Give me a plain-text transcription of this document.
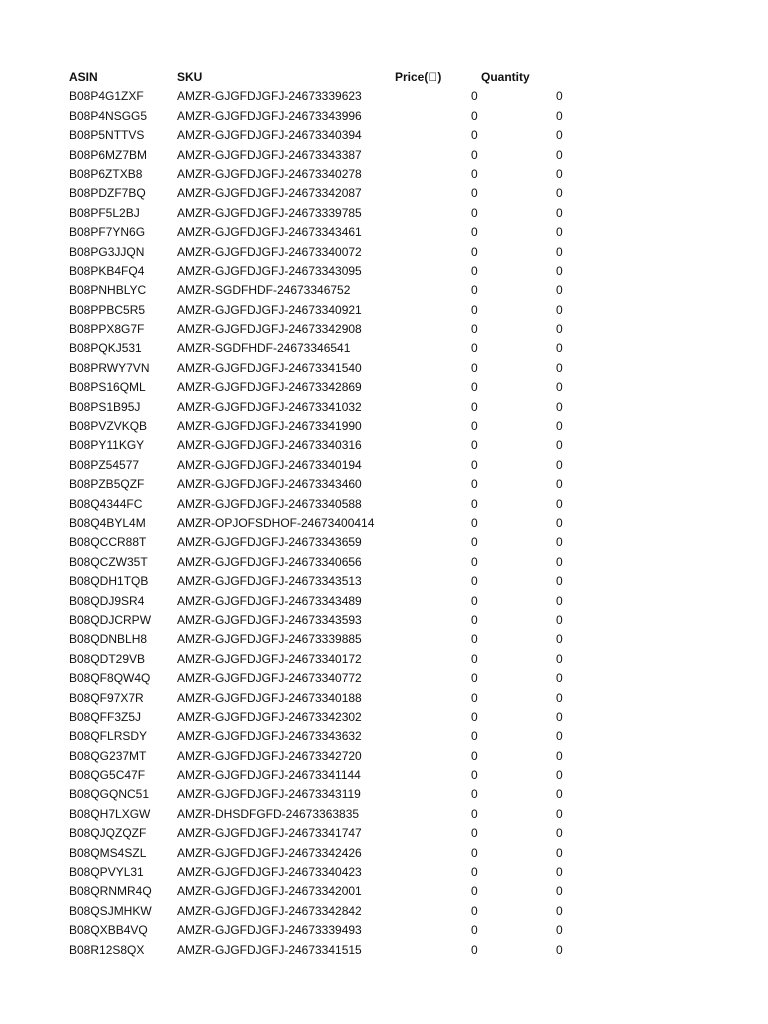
ASIN	SKU	Price( )	Quantity
B08P4G1ZXF	AMZR-GJGFDJGFJ-24673339623	0	0
B08P4NSGG5 AMZR-GJGFDJGFJ-24673343996	0	0
B08P5NTTVS	AMZR-GJGFDJGFJ-24673340394	0	0
B08P6MZ7BM AMZR-GJGFDJGFJ-24673343387	0	0
B08P6ZTXB8	AMZR-GJGFDJGFJ-24673340278	0	0
B08PDZF7BQ	AMZR-GJGFDJGFJ-24673342087	0	0
B08PF5L2BJ	AMZR-GJGFDJGFJ-24673339785	0	0
B08PF7YN6G	AMZR-GJGFDJGFJ-24673343461	0	0
B08PG3JJQN	AMZR-GJGFDJGFJ-24673340072	0	0
B08PKB4FQ4	AMZR-GJGFDJGFJ-24673343095	0	0
B08PNHBLYC	AMZR-SGDFHDF-24673346752	0	0
B08PPBC5R5	AMZR-GJGFDJGFJ-24673340921	0	0
B08PPX8G7F	AMZR-GJGFDJGFJ-24673342908	0	0
B08PQKJ531	AMZR-SGDFHDF-24673346541	0	0
B08PRWY7VN AMZR-GJGFDJGFJ-24673341540	0	0
B08PS16QML	AMZR-GJGFDJGFJ-24673342869	0	0
B08PS1B95J	AMZR-GJGFDJGFJ-24673341032	0	0
B08PVZVKQB AMZR-GJGFDJGFJ-24673341990	0	0
B08PY11KGY	AMZR-GJGFDJGFJ-24673340316	0	0
B08PZ54577	AMZR-GJGFDJGFJ-24673340194	0	0
B08PZB5QZF	AMZR-GJGFDJGFJ-24673343460	0	0
B08Q4344FC	AMZR-GJGFDJGFJ-24673340588	0	0
B08Q4BYL4M	AMZR-OPJOFSDHOF-24673400414	0	0
B08QCCR88T	AMZR-GJGFDJGFJ-24673343659	0	0
B08QCZW35T AMZR-GJGFDJGFJ-24673340656	0	0
B08QDH1TQB AMZR-GJGFDJGFJ-24673343513	0	0
B08QDJ9SR4	AMZR-GJGFDJGFJ-24673343489	0	0
B08QDJCRPW AMZR-GJGFDJGFJ-24673343593	0	0
B08QDNBLH8 AMZR-GJGFDJGFJ-24673339885	0	0
B08QDT29VB	AMZR-GJGFDJGFJ-24673340172	0	0
B08QF8QW4Q AMZR-GJGFDJGFJ-24673340772	0	0
B08QF97X7R	AMZR-GJGFDJGFJ-24673340188	0	0
B08QFF3Z5J	AMZR-GJGFDJGFJ-24673342302	0	0
B08QFLRSDY AMZR-GJGFDJGFJ-24673343632	0	0
B08QG237MT	AMZR-GJGFDJGFJ-24673342720	0	0
B08QG5C47F	AMZR-GJGFDJGFJ-24673341144	0	0
B08QGQNC51 AMZR-GJGFDJGFJ-24673343119	0	0
B08QH7LXGW AMZR-DHSDFGFD-24673363835	0	0
B08QJQZQZF	AMZR-GJGFDJGFJ-24673341747	0	0
B08QMS4SZL	AMZR-GJGFDJGFJ-24673342426	0	0
B08QPVYL31	AMZR-GJGFDJGFJ-24673340423	0	0
B08QRNMR4Q AMZR-GJGFDJGFJ-24673342001	0	0
B08QSJMHKW AMZR-GJGFDJGFJ-24673342842	0	0
B08QXBB4VQ AMZR-GJGFDJGFJ-24673339493	0	0
B08R12S8QX	AMZR-GJGFDJGFJ-24673341515	0	0
